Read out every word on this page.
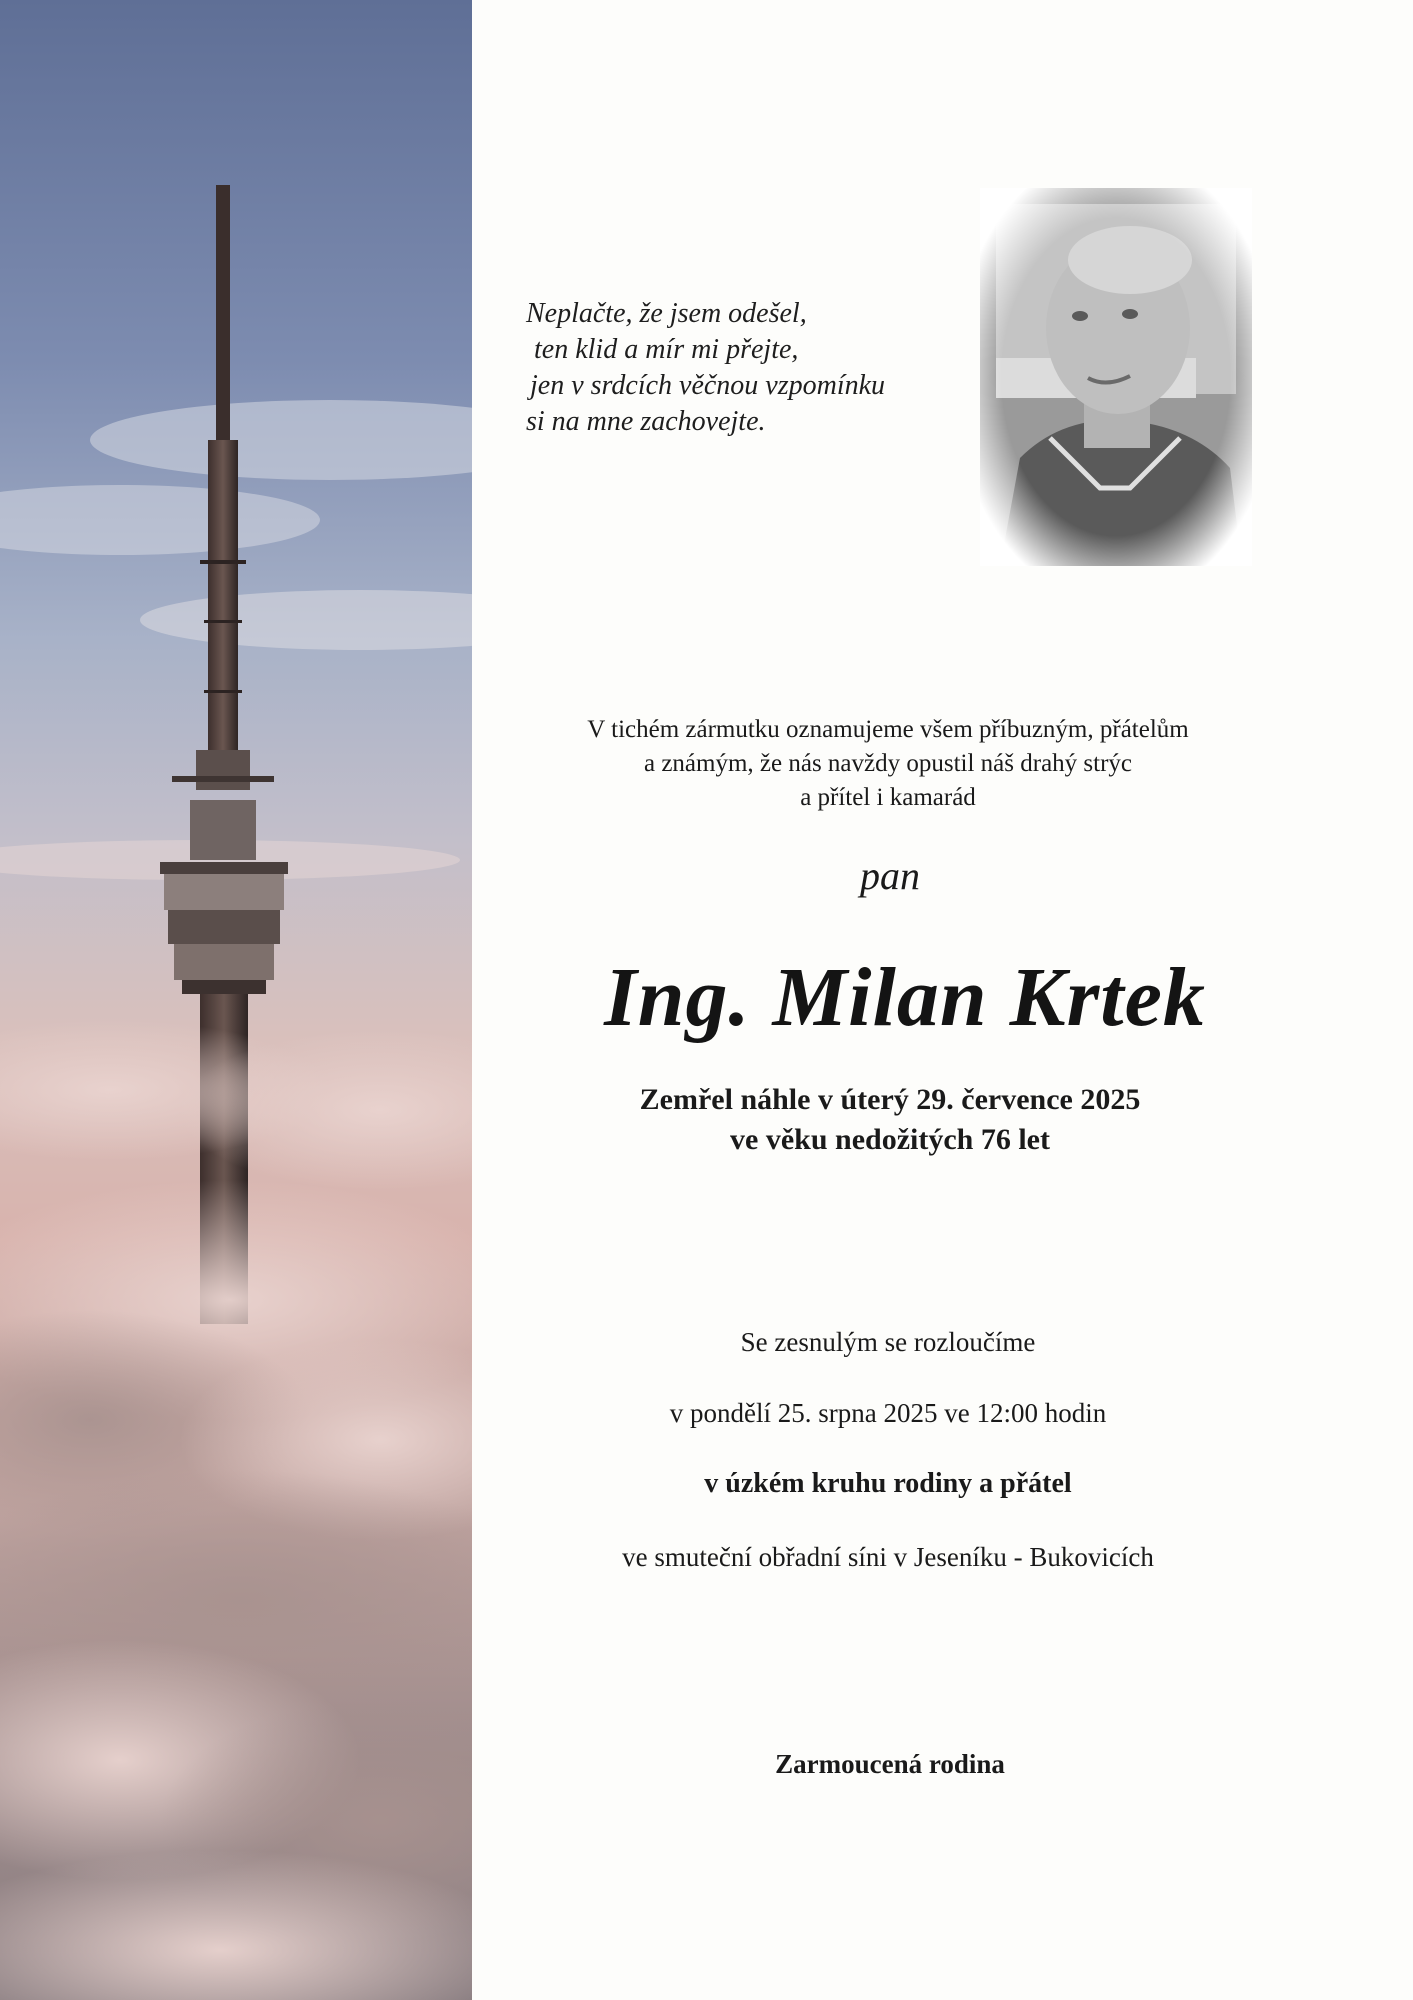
Neplačte, že jsem odešel,
ten klid a mír mi přejte,
jen v srdcích věčnou vzpomínku
si na mne zachovejte.
V tichém zármutku oznamujeme všem příbuzným, přátelům
a známým, že nás navždy opustil náš drahý strýc
a přítel i kamarád
pan
Ing. Milan Krtek
Zemřel náhle v úterý 29. července 2025
ve věku nedožitých 76 let
Se zesnulým se rozloučíme
v pondělí 25. srpna 2025 ve 12:00 hodin
v úzkém kruhu rodiny a přátel
ve smuteční obřadní síni v Jeseníku - Bukovicích
Zarmoucená rodina
